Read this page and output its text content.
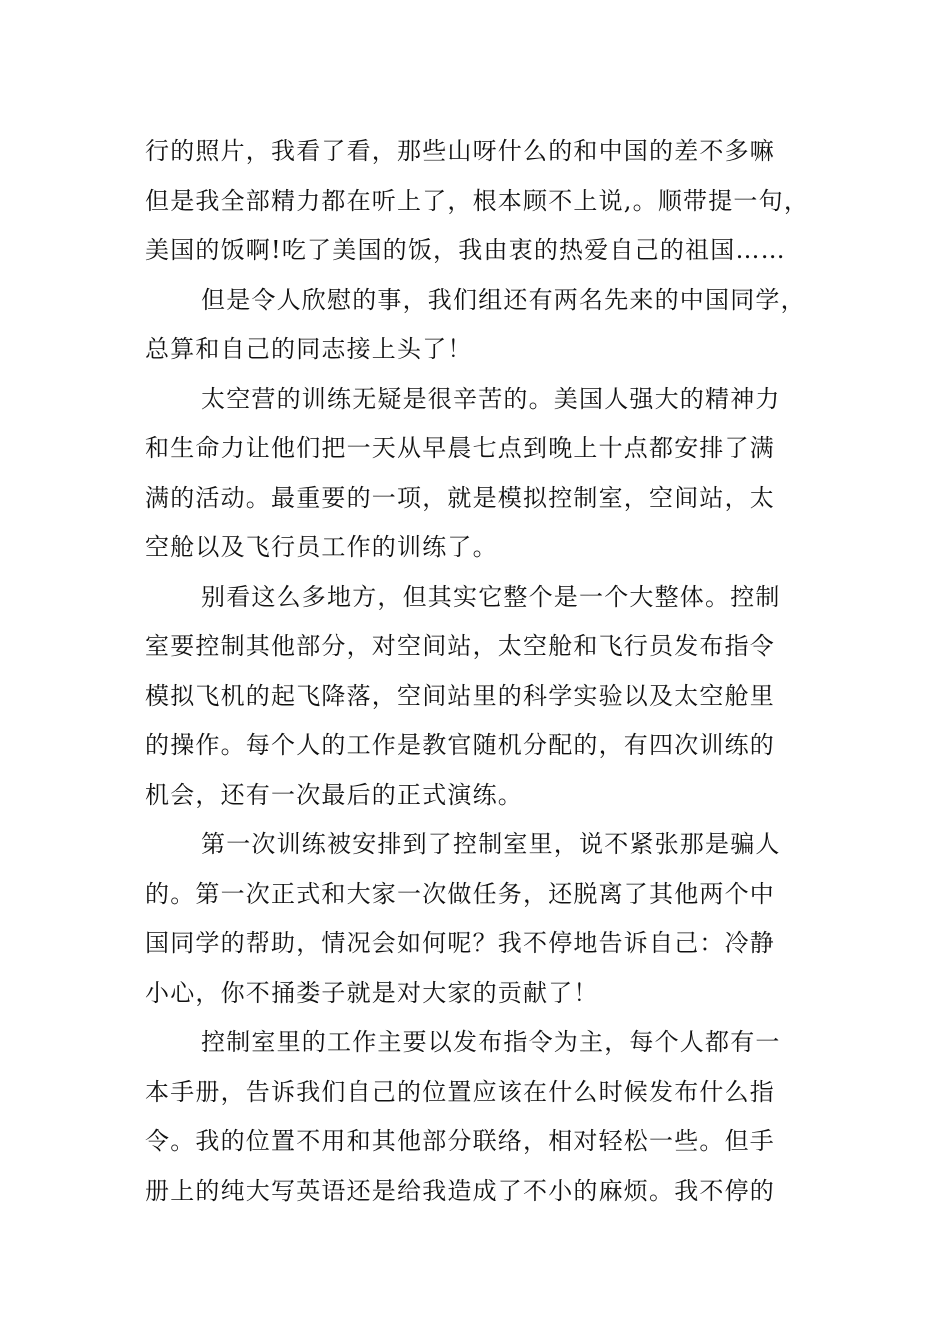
行的照片，我看了看，那些山呀什么的和中国的差不多嘛
但是我全部精力都在听上了，根本顾不上说,。顺带提一句，
美国的饭啊!吃了美国的饭，我由衷的热爱自己的祖国……
但是令人欣慰的事，我们组还有两名先来的中国同学，
总算和自己的同志接上头了！
太空营的训练无疑是很辛苦的。美国人强大的精神力
和生命力让他们把一天从早晨七点到晚上十点都安排了满
满的活动。最重要的一项，就是模拟控制室，空间站，太
空舱以及飞行员工作的训练了。
别看这么多地方，但其实它整个是一个大整体。控制
室要控制其他部分，对空间站，太空舱和飞行员发布指令
模拟飞机的起飞降落，空间站里的科学实验以及太空舱里
的操作。每个人的工作是教官随机分配的，有四次训练的
机会，还有一次最后的正式演练。
第一次训练被安排到了控制室里，说不紧张那是骗人
的。第一次正式和大家一次做任务，还脱离了其他两个中
国同学的帮助，情况会如何呢？我不停地告诉自己：冷静
小心，你不捅娄子就是对大家的贡献了！
控制室里的工作主要以发布指令为主，每个人都有一
本手册，告诉我们自己的位置应该在什么时候发布什么指
令。我的位置不用和其他部分联络，相对轻松一些。但手
册上的纯大写英语还是给我造成了不小的麻烦。我不停的
